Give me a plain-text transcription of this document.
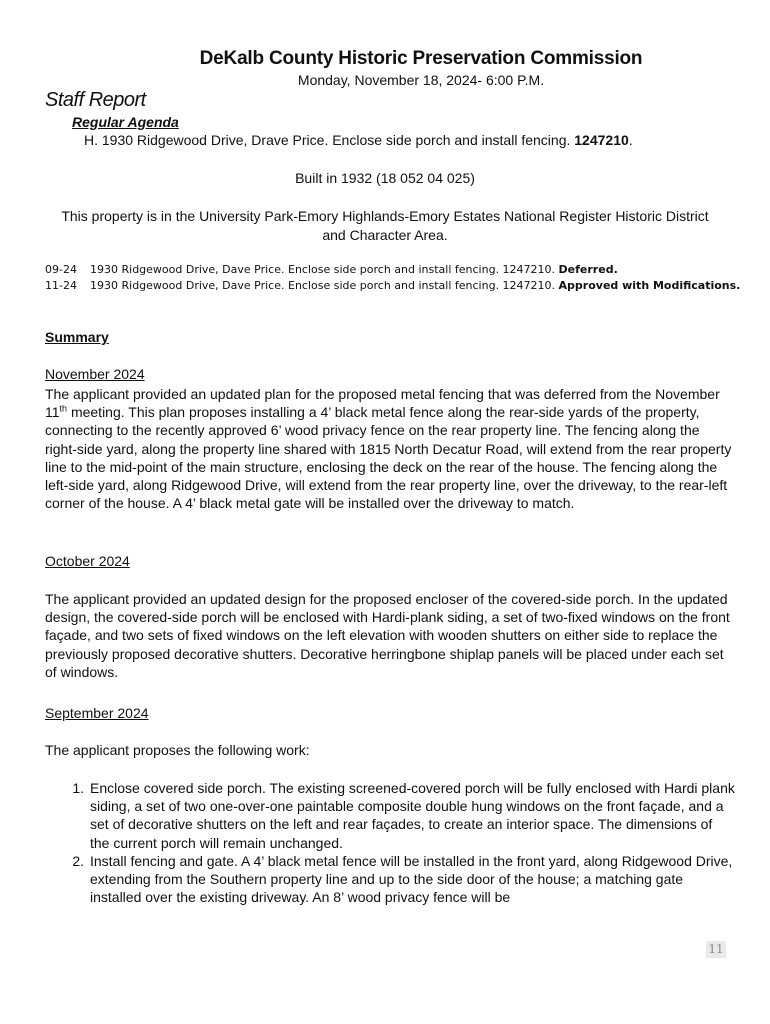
DeKalb County Historic Preservation Commission
Monday, November 18, 2024- 6:00 P.M.
Staff Report
Regular Agenda
H. 1930 Ridgewood Drive, Drave Price. Enclose side porch and install fencing. 1247210.
Built in 1932 (18 052 04 025)
This property is in the University Park-Emory Highlands-Emory Estates National Register Historic District and Character Area.
09-24	1930 Ridgewood Drive, Dave Price. Enclose side porch and install fencing. 1247210. Deferred.
11-24	1930 Ridgewood Drive, Dave Price. Enclose side porch and install fencing. 1247210. Approved with Modifications.
Summary
November 2024
The applicant provided an updated plan for the proposed metal fencing that was deferred from the November 11th meeting. This plan proposes installing a 4’ black metal fence along the rear-side yards of the property, connecting to the recently approved 6’ wood privacy fence on the rear property line. The fencing along the right-side yard, along the property line shared with 1815 North Decatur Road, will extend from the rear property line to the mid-point of the main structure, enclosing the deck on the rear of the house. The fencing along the left-side yard, along Ridgewood Drive, will extend from the rear property line, over the driveway, to the rear-left corner of the house. A 4’ black metal gate will be installed over the driveway to match.
October 2024
The applicant provided an updated design for the proposed encloser of the covered-side porch. In the updated design, the covered-side porch will be enclosed with Hardi-plank siding, a set of two-fixed windows on the front façade, and two sets of fixed windows on the left elevation with wooden shutters on either side to replace the previously proposed decorative shutters. Decorative herringbone shiplap panels will be placed under each set of windows.
September 2024
The applicant proposes the following work:
1. Enclose covered side porch. The existing screened-covered porch will be fully enclosed with Hardi plank siding, a set of two one-over-one paintable composite double hung windows on the front façade, and a set of decorative shutters on the left and rear façades, to create an interior space. The dimensions of the current porch will remain unchanged.
2. Install fencing and gate. A 4’ black metal fence will be installed in the front yard, along Ridgewood Drive, extending from the Southern property line and up to the side door of the house; a matching gate installed over the existing driveway. An 8’ wood privacy fence will be
11
